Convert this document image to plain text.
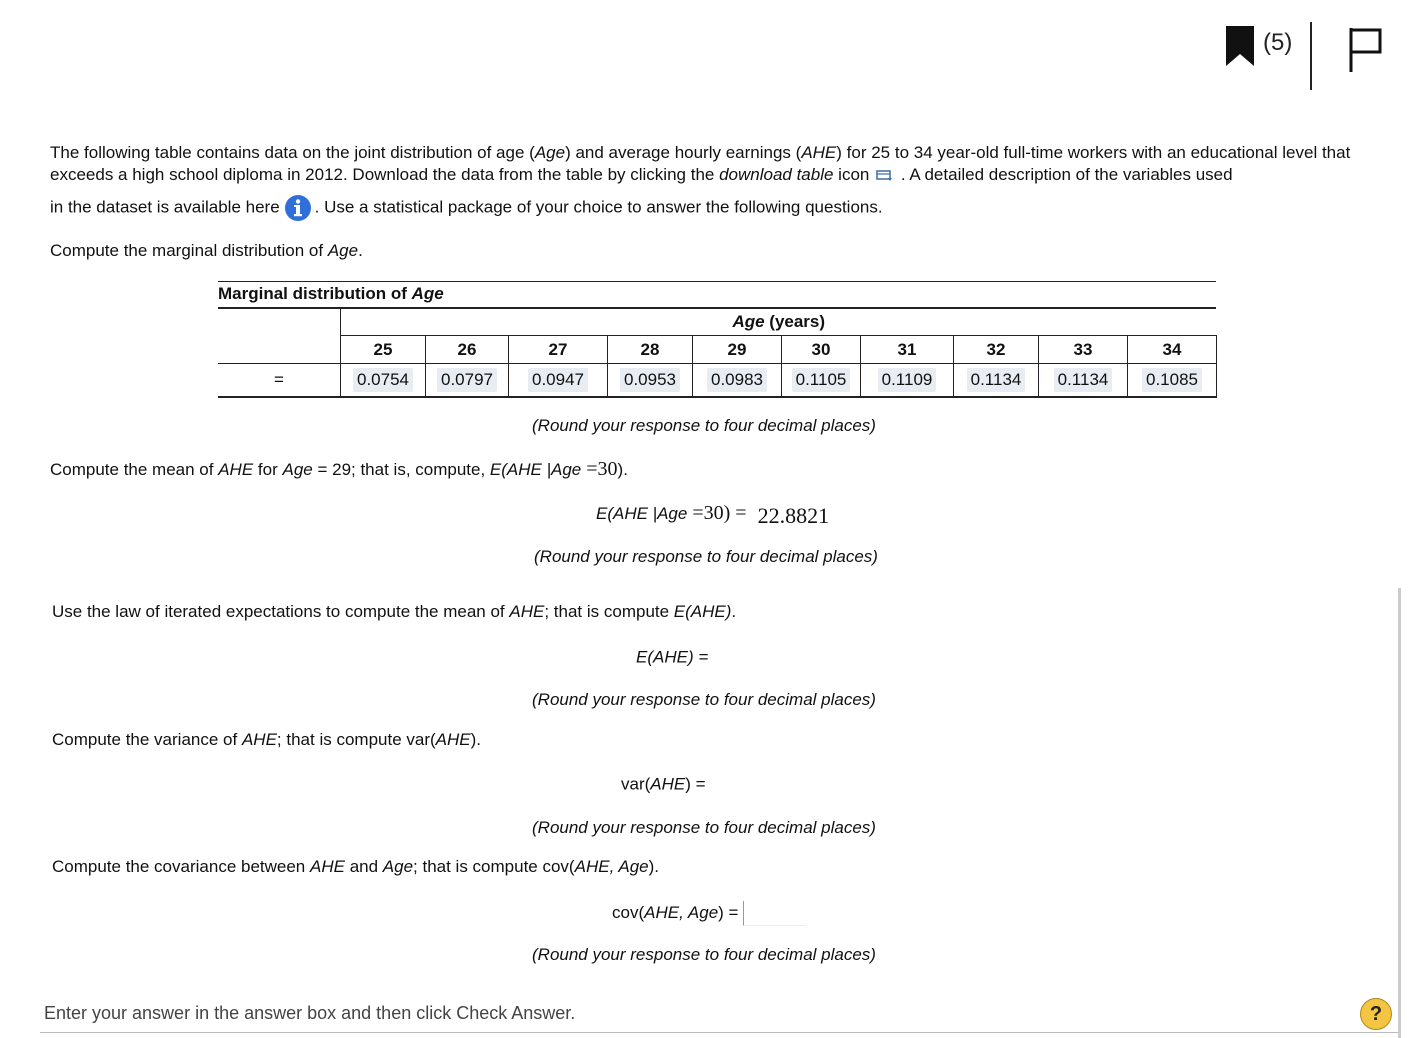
(5)
The following table contains data on the joint distribution of age (Age) and average hourly earnings (AHE) for 25 to 34 year-old full-time workers with an educational level that exceeds a high school diploma in 2012. Download the data from the table by clicking the download table icon . A detailed description of the variables used
in the dataset is available here . Use a statistical package of your choice to answer the following questions.
Compute the marginal distribution of Age.
Marginal distribution of Age
	Age (years)									
	25	26	27	28	29	30	31	32	33	34
=	0.0754	0.0797	0.0947	0.0953	0.0983	0.1105	0.1109	0.1134	0.1134	0.1085
(Round your response to four decimal places)
Compute the mean of AHE for Age = 29; that is, compute, E(AHE |Age =30).
E(AHE |Age =30) = 22.8821
(Round your response to four decimal places)
Use the law of iterated expectations to compute the mean of AHE; that is compute E(AHE).
E(AHE) =
(Round your response to four decimal places)
Compute the variance of AHE; that is compute var(AHE).
var(AHE) =
(Round your response to four decimal places)
Compute the covariance between AHE and Age; that is compute cov(AHE, Age).
cov(AHE, Age) =
(Round your response to four decimal places)
Enter your answer in the answer box and then click Check Answer.	?
